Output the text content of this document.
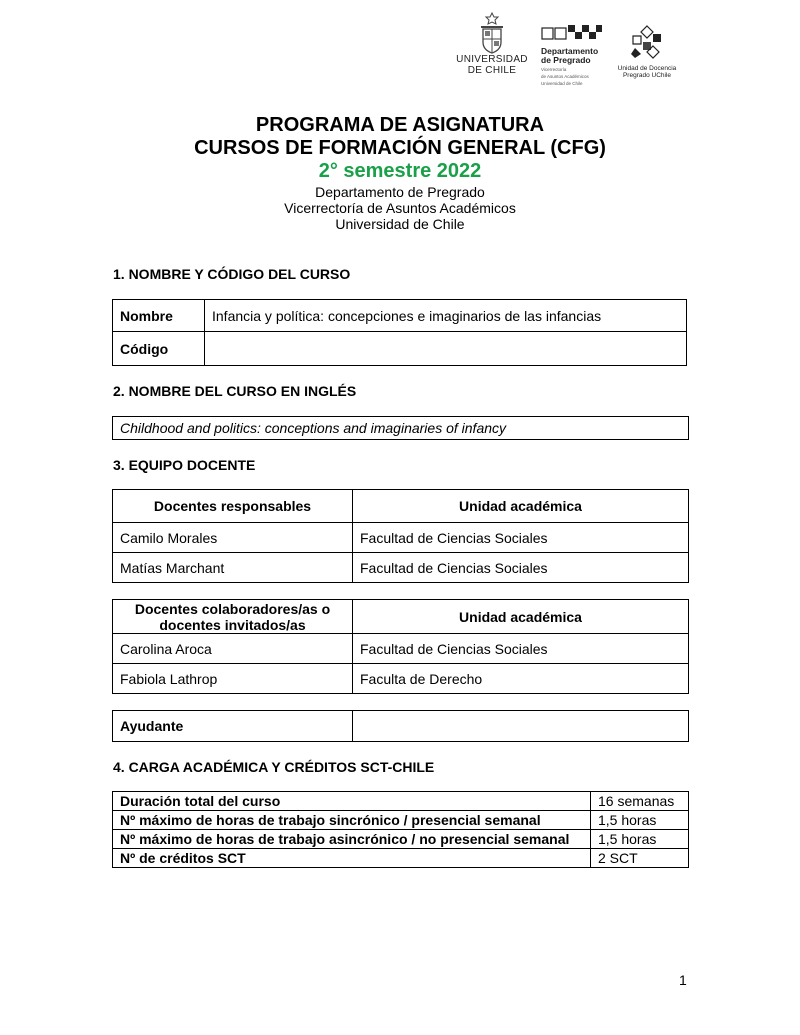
UNIVERSIDAD
DE CHILE
Departamento
de Pregrado
Vicerrectoría
de Asuntos Académicos
Universidad de Chile
Unidad de Docencia
Pregrado UChile
PROGRAMA DE ASIGNATURA
CURSOS DE FORMACIÓN GENERAL (CFG)
2° semestre 2022
Departamento de Pregrado
Vicerrectoría de Asuntos Académicos
Universidad de Chile
1. NOMBRE Y CÓDIGO DEL CURSO
Nombre	Infancia y política: concepciones e imaginarios de las infancias
Código	
2. NOMBRE DEL CURSO EN INGLÉS
Childhood and politics: conceptions and imaginaries of infancy
3. EQUIPO DOCENTE
Docentes responsables	Unidad académica
Camilo Morales	Facultad de Ciencias Sociales
Matías Marchant	Facultad de Ciencias Sociales
Docentes colaboradores/as o docentes invitados/as	Unidad académica
Carolina Aroca	Facultad de Ciencias Sociales
Fabiola Lathrop	Faculta de Derecho
Ayudante	
4. CARGA ACADÉMICA Y CRÉDITOS SCT-CHILE
Duración total del curso	16 semanas
Nº máximo de horas de trabajo sincrónico / presencial semanal	1,5 horas
Nº máximo de horas de trabajo asincrónico / no presencial semanal	1,5 horas
Nº de créditos SCT	2 SCT
1
